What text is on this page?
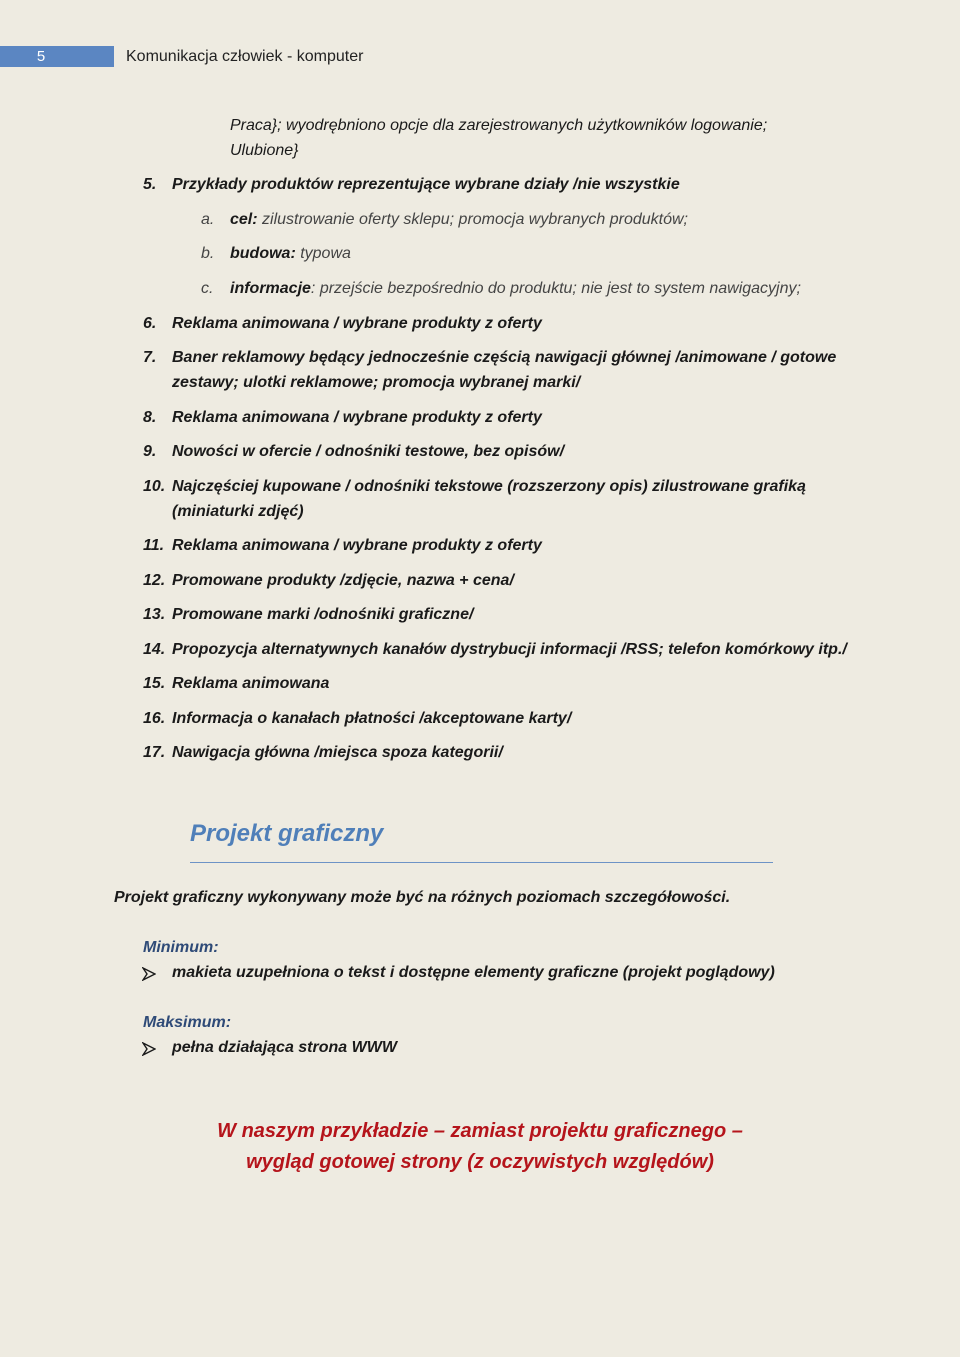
5	Komunikacja człowiek - komputer
Praca}; wyodrębniono opcje dla zarejestrowanych użytkowników logowanie;
Ulubione}
5. Przykłady produktów reprezentujące wybrane działy /nie wszystkie
a. cel: zilustrowanie oferty sklepu; promocja wybranych produktów;
b. budowa: typowa
c. informacje: przejście bezpośrednio do produktu; nie jest to system nawigacyjny;
6. Reklama animowana / wybrane produkty z oferty
7. Baner reklamowy będący jednocześnie częścią nawigacji głównej /animowane / gotowe
zestawy; ulotki reklamowe; promocja wybranej marki/
8. Reklama animowana / wybrane produkty z oferty
9. Nowości w ofercie / odnośniki testowe, bez opisów/
10. Najczęściej kupowane / odnośniki tekstowe (rozszerzony opis) zilustrowane grafiką
(miniaturki zdjęć)
11. Reklama animowana / wybrane produkty z oferty
12. Promowane produkty /zdjęcie, nazwa + cena/
13. Promowane marki /odnośniki graficzne/
14. Propozycja alternatywnych kanałów dystrybucji informacji /RSS; telefon komórkowy itp./
15. Reklama animowana
16. Informacja o kanałach płatności /akceptowane karty/
17. Nawigacja główna /miejsca spoza kategorii/
Projekt graficzny
Projekt graficzny wykonywany może być na różnych poziomach szczegółowości.
Minimum:
makieta uzupełniona o tekst i dostępne elementy graficzne (projekt poglądowy)
Maksimum:
pełna działająca strona WWW
W naszym przykładzie – zamiast projektu graficznego –
wygląd gotowej strony (z oczywistych względów)
